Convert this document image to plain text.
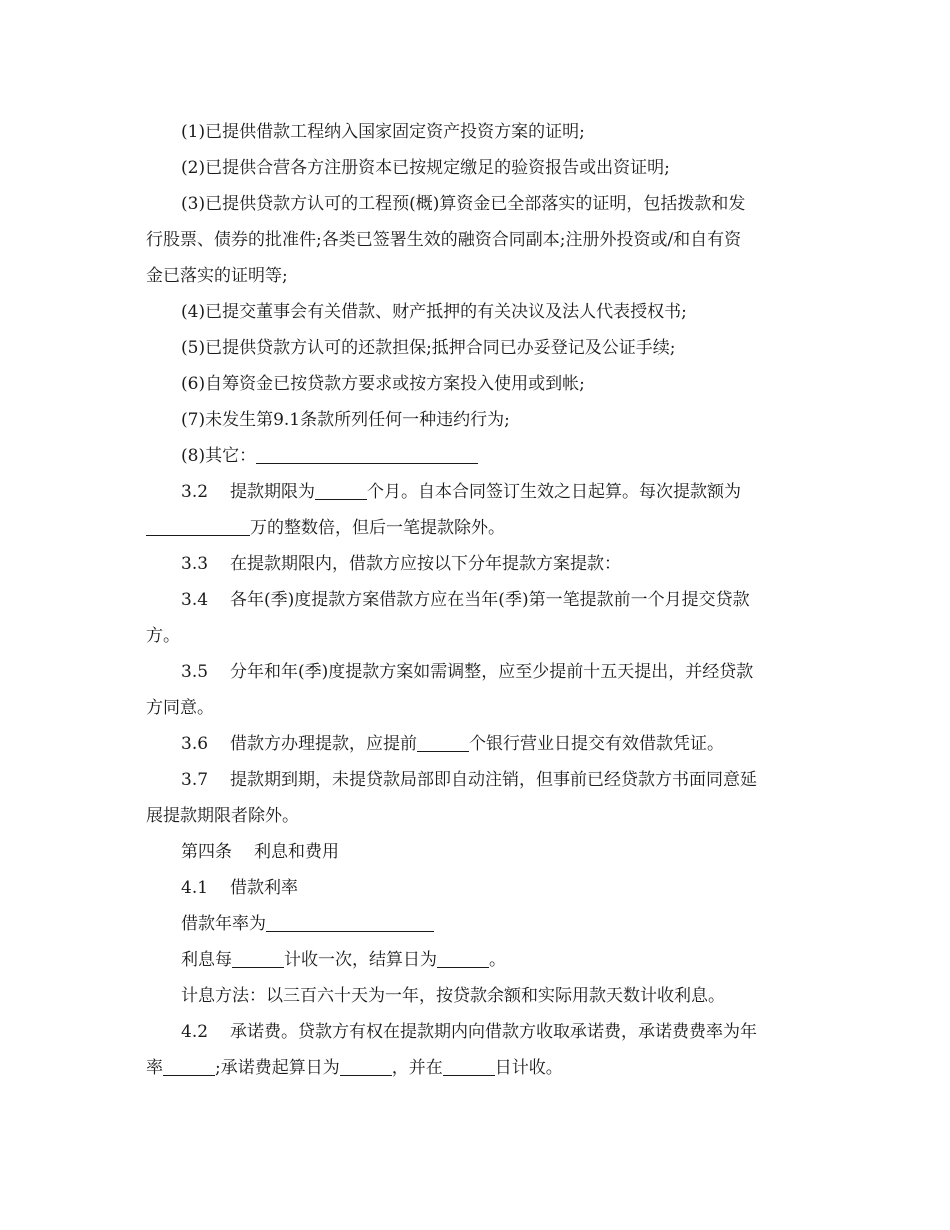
(1)已提供借款工程纳入国家固定资产投资方案的证明;
(2)已提供合营各方注册资本已按规定缴足的验资报告或出资证明;
(3)已提供贷款方认可的工程预(概)算资金已全部落实的证明，包括拨款和发
行股票、债券的批准件;各类已签署生效的融资合同副本;注册外投资或/和自有资
金已落实的证明等;
(4)已提交董事会有关借款、财产抵押的有关决议及法人代表授权书;
(5)已提供贷款方认可的还款担保;抵押合同已办妥登记及公证手续;
(6)自筹资金已按贷款方要求或按方案投入使用或到帐;
(7)未发生第9.1条款所列任何一种违约行为;
(8)其它：
3.2 提款期限为	个月。自本合同签订生效之日起算。每次提款额为
万的整数倍，但后一笔提款除外。
3.3 在提款期限内，借款方应按以下分年提款方案提款：
3.4 各年(季)度提款方案借款方应在当年(季)第一笔提款前一个月提交贷款
方。
3.5 分年和年(季)度提款方案如需调整，应至少提前十五天提出，并经贷款
方同意。
3.6 借款方办理提款，应提前	个银行营业日提交有效借款凭证。
3.7 提款期到期，未提贷款局部即自动注销，但事前已经贷款方书面同意延
展提款期限者除外。
第四条 利息和费用
4.1 借款利率
借款年率为
利息每	计收一次，结算日为	。
计息方法：以三百六十天为一年，按贷款余额和实际用款天数计收利息。
4.2 承诺费。贷款方有权在提款期内向借款方收取承诺费，承诺费费率为年
率	;承诺费起算日为	，并在	日计收。
